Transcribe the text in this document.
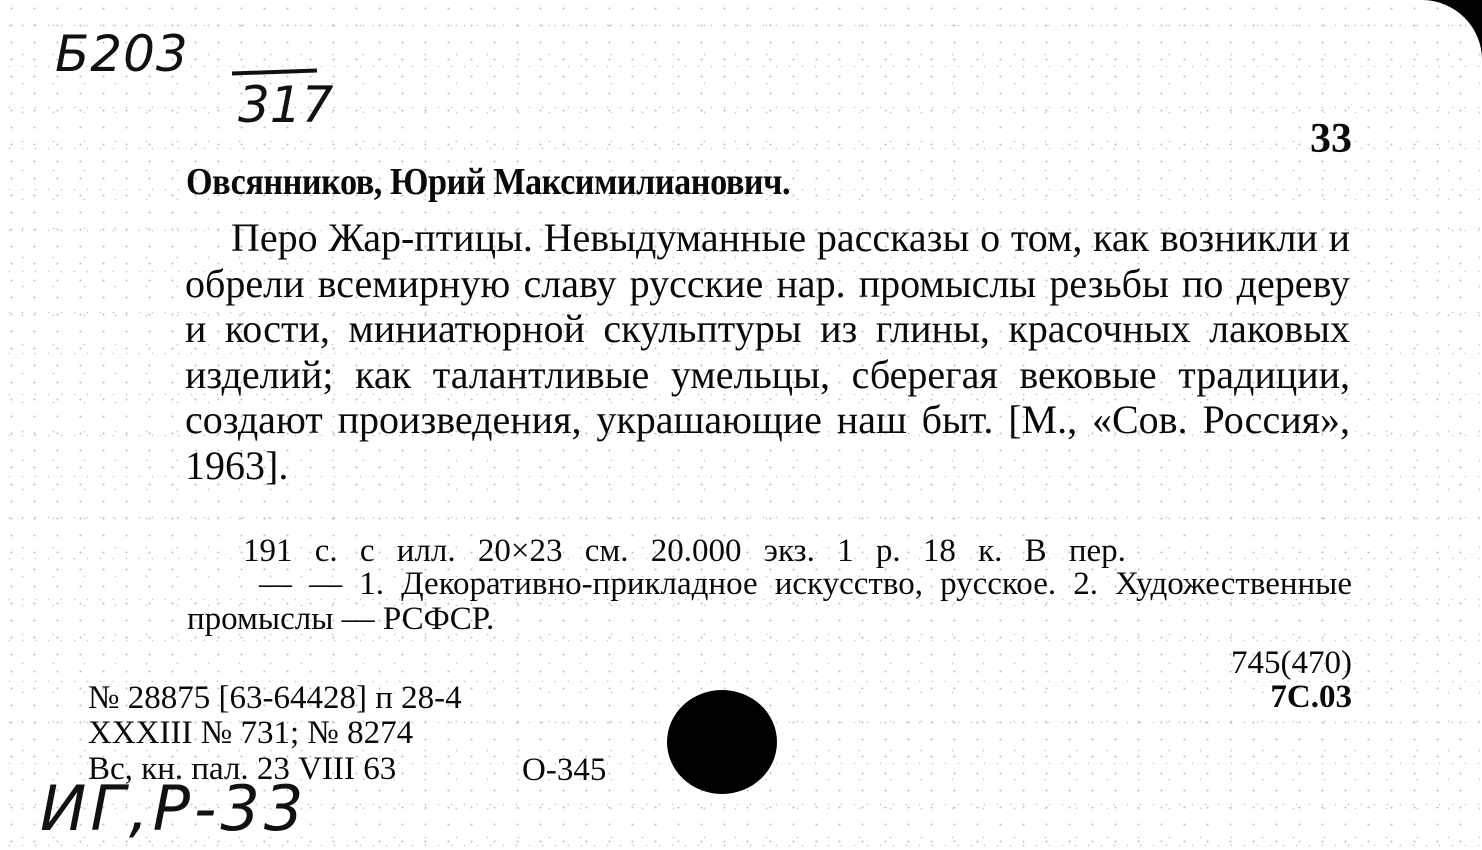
Б203
317
33
Овсянников, Юрий Максимилианович.
Перо Жар-птицы. Невыдуманные рассказы о том, как возникли и обрели всемирную славу русские нар. промыслы резьбы по дереву и кости, миниатюрной скульптуры из глины, красочных лаковых изделий; как талантливые умельцы, сберегая вековые традиции, создают произведения, украшающие наш быт. [М., «Сов. Россия», 1963].
191 с. с илл. 20×23 см. 20.000 экз. 1 р. 18 к. В пер.
— — 1. Декоративно-прикладное искусство, русское. 2. Художественные промыслы — РСФСР.
745(470)
7С.03
№ 28875 [63-64428] п 28-4
XXXIII № 731; № 8274
Вс, кн. пал. 23 VIII 63	О-345
ИГ,Р-33
